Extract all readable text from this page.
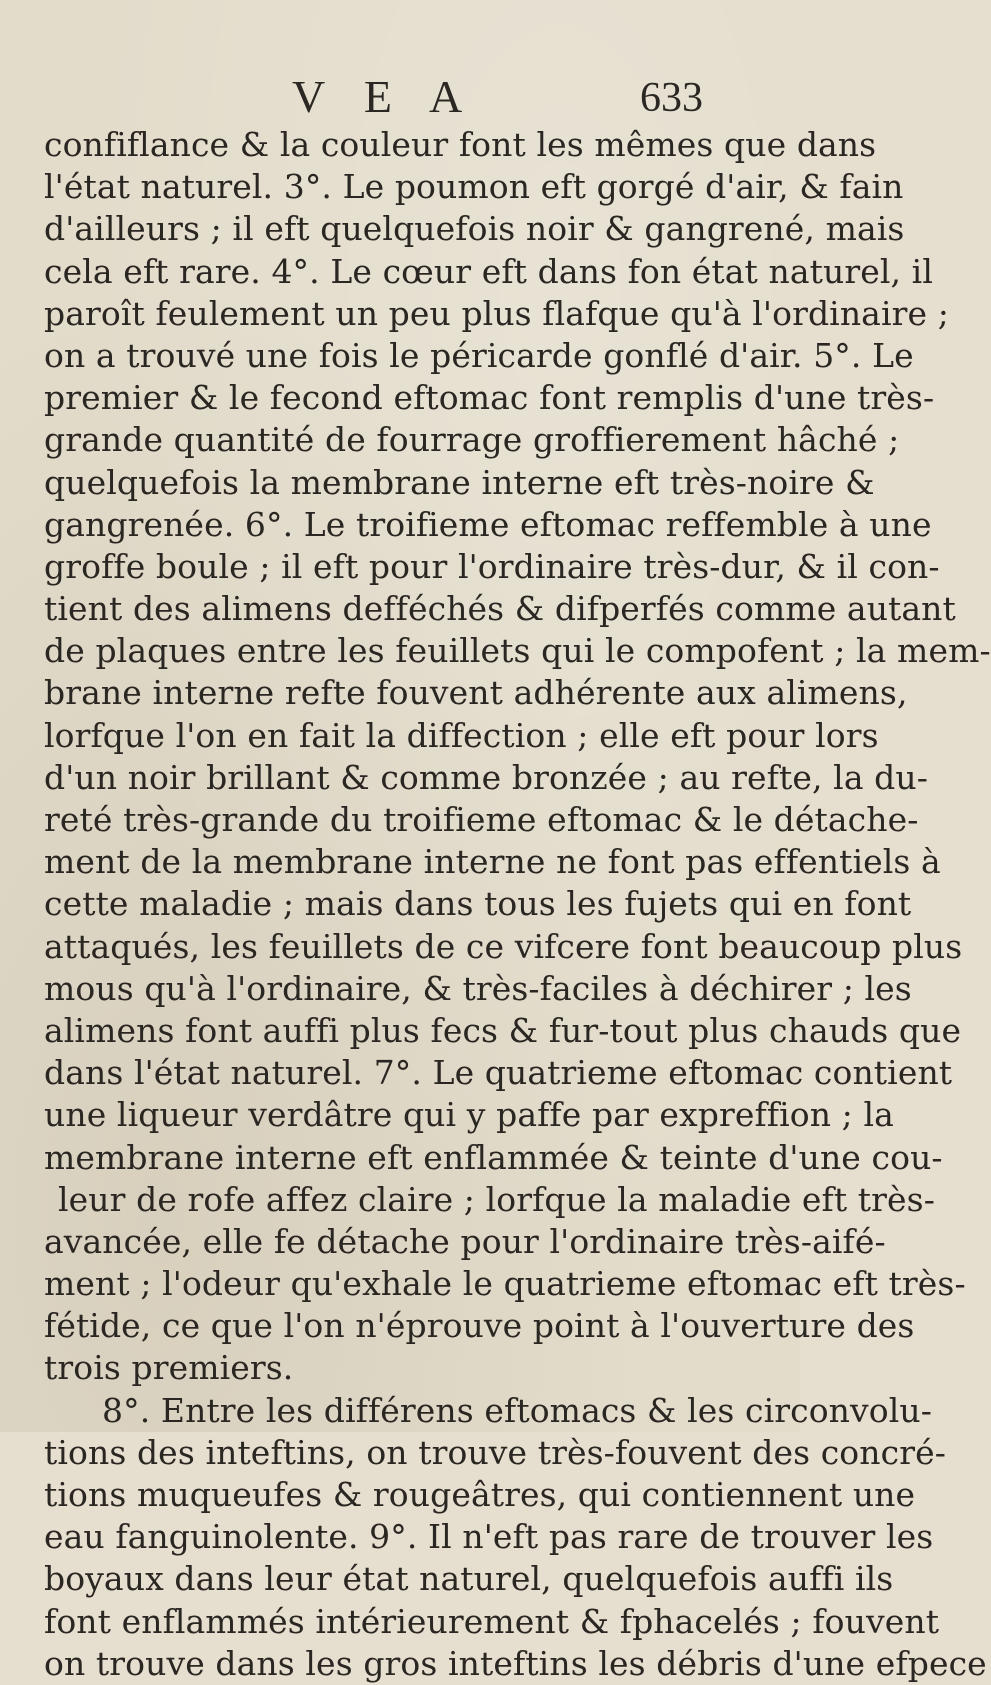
V E A	633
confiflance & la couleur font les mêmes que dans
l'état naturel. 3°. Le poumon eft gorgé d'air, & fain
d'ailleurs ; il eft quelquefois noir & gangrené, mais
cela eft rare. 4°. Le cœur eft dans fon état naturel, il
paroît feulement un peu plus flafque qu'à l'ordinaire ;
on a trouvé une fois le péricarde gonflé d'air. 5°. Le
premier & le fecond eftomac font remplis d'une très-
grande quantité de fourrage groffierement hâché ;
quelquefois la membrane interne eft très-noire &
gangrenée. 6°. Le troifieme eftomac reffemble à une
groffe boule ; il eft pour l'ordinaire très-dur, & il con-
tient des alimens defféchés & difperfés comme autant
de plaques entre les feuillets qui le compofent ; la mem-
brane interne refte fouvent adhérente aux alimens,
lorfque l'on en fait la diffection ; elle eft pour lors
d'un noir brillant & comme bronzée ; au refte, la du-
reté très-grande du troifieme eftomac & le détache-
ment de la membrane interne ne font pas effentiels à
cette maladie ; mais dans tous les fujets qui en font
attaqués, les feuillets de ce vifcere font beaucoup plus
mous qu'à l'ordinaire, & très-faciles à déchirer ; les
alimens font auffi plus fecs & fur-tout plus chauds que
dans l'état naturel. 7°. Le quatrieme eftomac contient
une liqueur verdâtre qui y paffe par expreffion ; la
membrane interne eft enflammée & teinte d'une cou-
leur de rofe affez claire ; lorfque la maladie eft très-
avancée, elle fe détache pour l'ordinaire très-aifé-
ment ; l'odeur qu'exhale le quatrieme eftomac eft très-
fétide, ce que l'on n'éprouve point à l'ouverture des
trois premiers.
8°. Entre les différens eftomacs & les circonvolu-
tions des inteftins, on trouve très-fouvent des concré-
tions muqueufes & rougeâtres, qui contiennent une
eau fanguinolente. 9°. Il n'eft pas rare de trouver les
boyaux dans leur état naturel, quelquefois auffi ils
font enflammés intérieurement & fphacelés ; fouvent
on trouve dans les gros inteftins les débris d'une efpece
